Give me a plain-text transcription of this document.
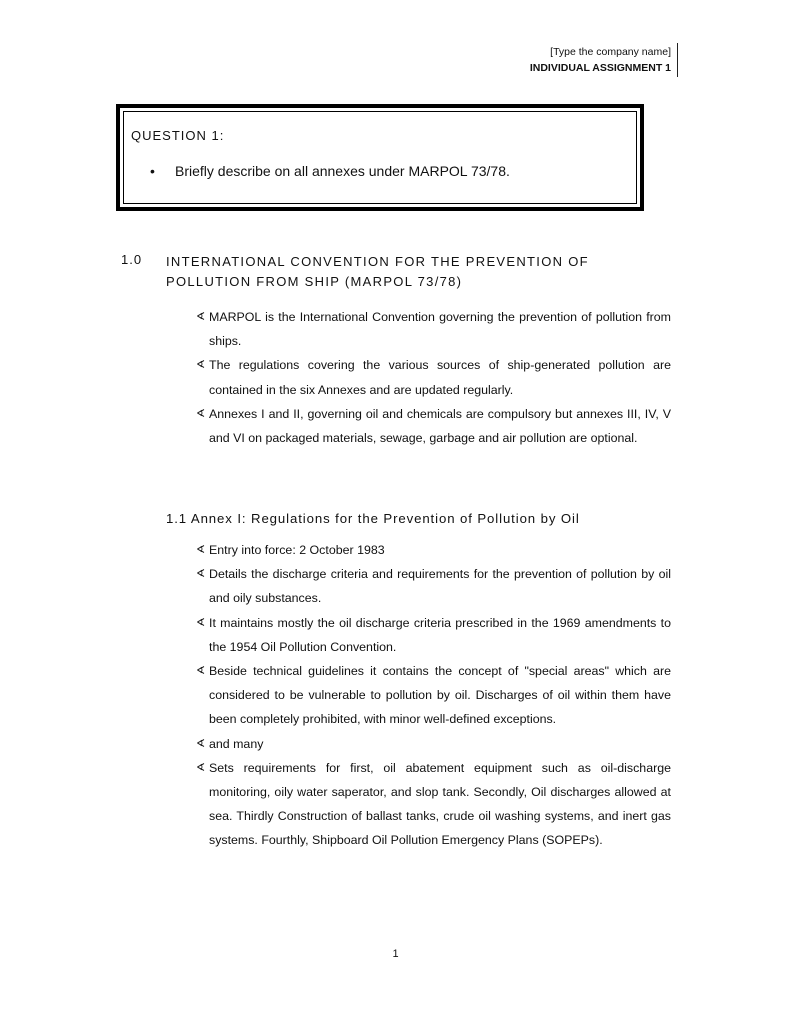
[Type the company name]
INDIVIDUAL ASSIGNMENT 1
QUESTION 1:
• Briefly describe on all annexes under MARPOL 73/78.
1.0 INTERNATIONAL CONVENTION FOR THE PREVENTION OF POLLUTION FROM SHIP (MARPOL 73/78)
∢ MARPOL is the International Convention governing the prevention of pollution from ships.
∢ The regulations covering the various sources of ship-generated pollution are contained in the six Annexes and are updated regularly.
∢ Annexes I and II, governing oil and chemicals are compulsory but annexes III, IV, V and VI on packaged materials, sewage, garbage and air pollution are optional.
1.1 Annex I: Regulations for the Prevention of Pollution by Oil
∢ Entry into force: 2 October 1983
∢ Details the discharge criteria and requirements for the prevention of pollution by oil and oily substances.
∢ It maintains mostly the oil discharge criteria prescribed in the 1969 amendments to the 1954 Oil Pollution Convention.
∢ Beside technical guidelines it contains the concept of "special areas" which are considered to be vulnerable to pollution by oil. Discharges of oil within them have been completely prohibited, with minor well-defined exceptions.
∢ and many
∢ Sets requirements for first, oil abatement equipment such as oil-discharge monitoring, oily water saperator, and slop tank. Secondly, Oil discharges allowed at sea. Thirdly Construction of ballast tanks, crude oil washing systems, and inert gas systems. Fourthly, Shipboard Oil Pollution Emergency Plans (SOPEPs).
1
